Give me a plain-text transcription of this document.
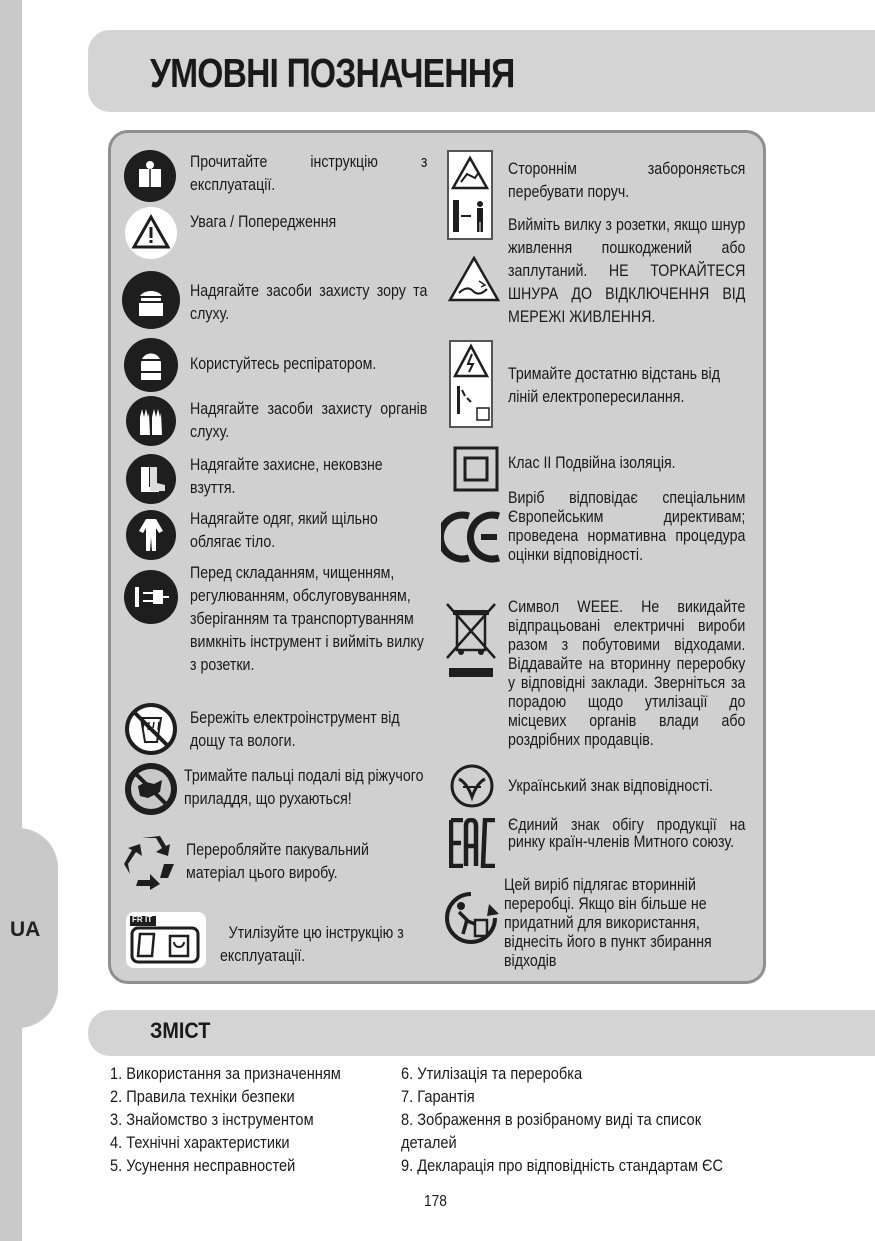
UA
УМОВНІ ПОЗНАЧЕННЯ
FR IT

Прочитайте інструкцію з експлуатації.

Увага / Попередження

Надягайте засоби захисту зору та слуху.

Користуйтесь респіратором.

Надягайте засоби захисту органів слуху.

Надягайте захисне, нековзне взуття.

Надягайте одяг, який щільно облягає тіло.

Перед складанням, чищенням, регулюванням, обслуговуванням, зберіганням та транспортуванням вимкніть інструмент і вийміть вилку з розетки.

Бережіть електроінструмент від дощу та вологи.

Тримайте пальці подалі від ріжучого приладдя, що рухаються!

Переробляйте пакувальний матеріал цього виробу.

Утилізуйте цю інструкцію з експлуатації.

Стороннім забороняється перебувати поруч.

Вийміть вилку з розетки, якщо шнур живлення пошкоджений або заплутаний. НЕ ТОРКАЙТЕСЯ ШНУРА ДО ВІДКЛЮЧЕННЯ ВІД МЕРЕЖІ ЖИВЛЕННЯ.

Тримайте достатню відстань від ліній електропересилання.

Клас II Подвійна ізоляція.

Виріб відповідає спеціальним Європейським директивам; проведена нормативна процедура оцінки відповідності.

Символ WEEE. Не викидайте відпрацьовані електричні вироби разом з побутовими відходами. Віддавайте на вторинну переробку у відповідні заклади. Зверніться за порадою щодо утилізації до місцевих органів влади або роздрібних продавців.

Український знак відповідності.

Єдиний знак обігу продукції на ринку країн-членів Митного союзу.

Цей виріб підлягає вторинній переробці. Якщо він більше не придатний для використання, віднесіть його в пункт збирання відходів

ЗМІСТ
1. Використання за призначенням
2. Правила техніки безпеки
3. Знайомство з інструментом
4. Технічні характеристики
5. Усунення несправностей
6. Утилізація та переробка
7. Гарантія
8. Зображення в розібраному виді та список
деталей
9. Декларація про відповідність стандартам ЄС
178
